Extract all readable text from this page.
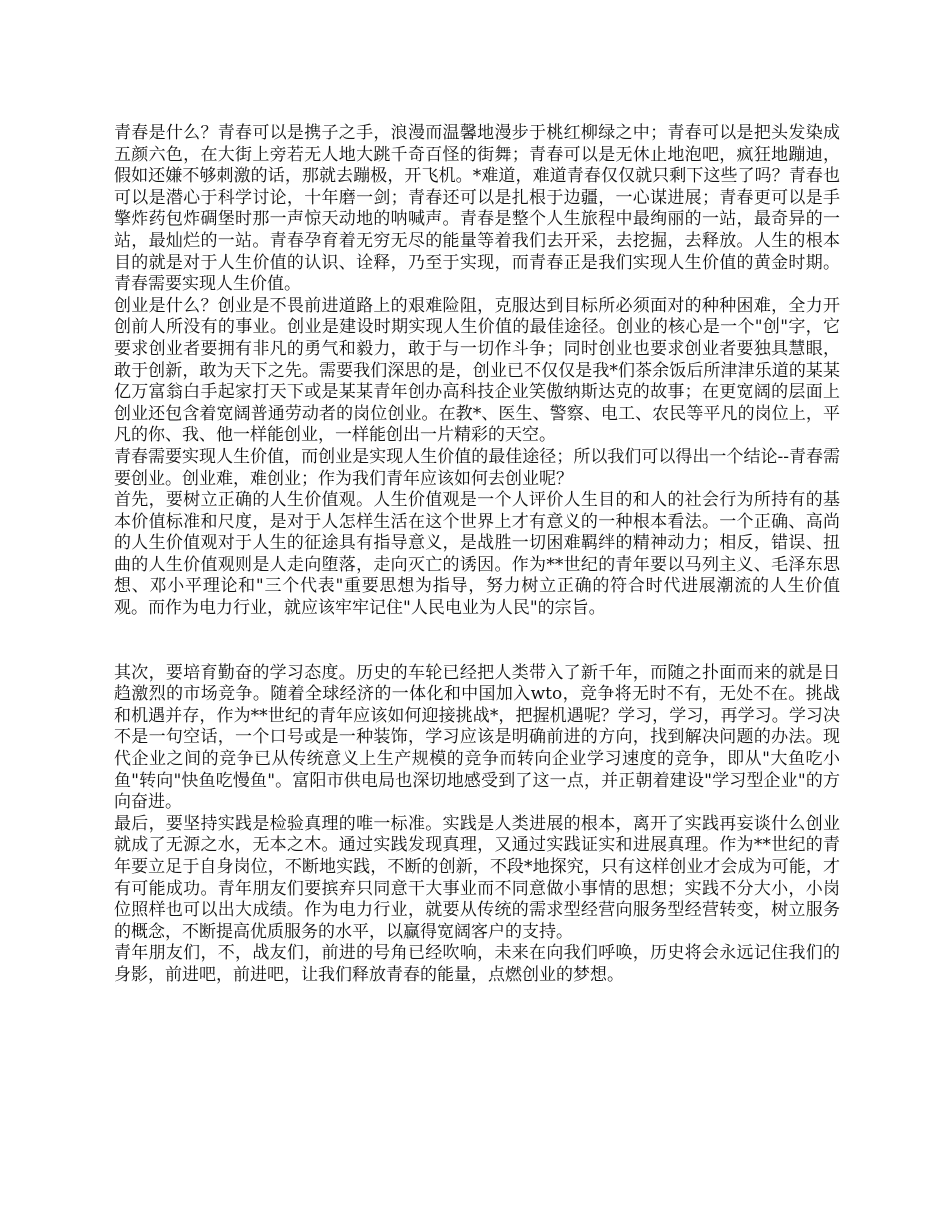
青春是什么？青春可以是携子之手，浪漫而温馨地漫步于桃红柳绿之中；青春可以是把头发染成五颜六色，在大街上旁若无人地大跳千奇百怪的街舞；青春可以是无休止地泡吧，疯狂地蹦迪，假如还嫌不够刺激的话，那就去蹦极，开飞机。*难道，难道青春仅仅就只剩下这些了吗？青春也可以是潜心于科学讨论，十年磨一剑；青春还可以是扎根于边疆，一心谋进展；青春更可以是手擎炸药包炸碉堡时那一声惊天动地的呐喊声。青春是整个人生旅程中最绚丽的一站，最奇异的一站，最灿烂的一站。青春孕育着无穷无尽的能量等着我们去开采，去挖掘，去释放。人生的根本目的就是对于人生价值的认识、诠释，乃至于实现，而青春正是我们实现人生价值的黄金时期。青春需要实现人生价值。

创业是什么？创业是不畏前进道路上的艰难险阻，克服达到目标所必须面对的种种困难，全力开创前人所没有的事业。创业是建设时期实现人生价值的最佳途径。创业的核心是一个"创"字，它要求创业者要拥有非凡的勇气和毅力，敢于与一切作斗争；同时创业也要求创业者要独具慧眼，敢于创新，敢为天下之先。需要我们深思的是，创业已不仅仅是我*们茶余饭后所津津乐道的某某亿万富翁白手起家打天下或是某某青年创办高科技企业笑傲纳斯达克的故事；在更宽阔的层面上创业还包含着宽阔普通劳动者的岗位创业。在教*、医生、警察、电工、农民等平凡的岗位上，平凡的你、我、他一样能创业，一样能创出一片精彩的天空。

青春需要实现人生价值，而创业是实现人生价值的最佳途径；所以我们可以得出一个结论--青春需要创业。创业难，难创业；作为我们青年应该如何去创业呢？

首先，要树立正确的人生价值观。人生价值观是一个人评价人生目的和人的社会行为所持有的基本价值标准和尺度，是对于人怎样生活在这个世界上才有意义的一种根本看法。一个正确、高尚的人生价值观对于人生的征途具有指导意义，是战胜一切困难羁绊的精神动力；相反，错误、扭曲的人生价值观则是人走向堕落，走向灭亡的诱因。作为**世纪的青年要以马列主义、毛泽东思想、邓小平理论和"三个代表"重要思想为指导，努力树立正确的符合时代进展潮流的人生价值观。而作为电力行业，就应该牢牢记住"人民电业为人民"的宗旨。

其次，要培育勤奋的学习态度。历史的车轮已经把人类带入了新千年，而随之扑面而来的就是日趋激烈的市场竞争。随着全球经济的一体化和中国加入wto，竞争将无时不有，无处不在。挑战和机遇并存，作为**世纪的青年应该如何迎接挑战*，把握机遇呢？学习，学习，再学习。学习决不是一句空话，一个口号或是一种装饰，学习应该是明确前进的方向，找到解决问题的办法。现代企业之间的竞争已从传统意义上生产规模的竞争而转向企业学习速度的竞争，即从"大鱼吃小鱼"转向"快鱼吃慢鱼"。富阳市供电局也深切地感受到了这一点，并正朝着建设"学习型企业"的方向奋进。

最后，要坚持实践是检验真理的唯一标准。实践是人类进展的根本，离开了实践再妄谈什么创业就成了无源之水，无本之木。通过实践发现真理，又通过实践证实和进展真理。作为**世纪的青年要立足于自身岗位，不断地实践，不断的创新，不段*地探究，只有这样创业才会成为可能，才有可能成功。青年朋友们要摈弃只同意干大事业而不同意做小事情的思想；实践不分大小，小岗位照样也可以出大成绩。作为电力行业，就要从传统的需求型经营向服务型经营转变，树立服务的概念，不断提高优质服务的水平，以赢得宽阔客户的支持。

青年朋友们，不，战友们，前进的号角已经吹响，未来在向我们呼唤，历史将会永远记住我们的身影，前进吧，前进吧，让我们释放青春的能量，点燃创业的梦想。
